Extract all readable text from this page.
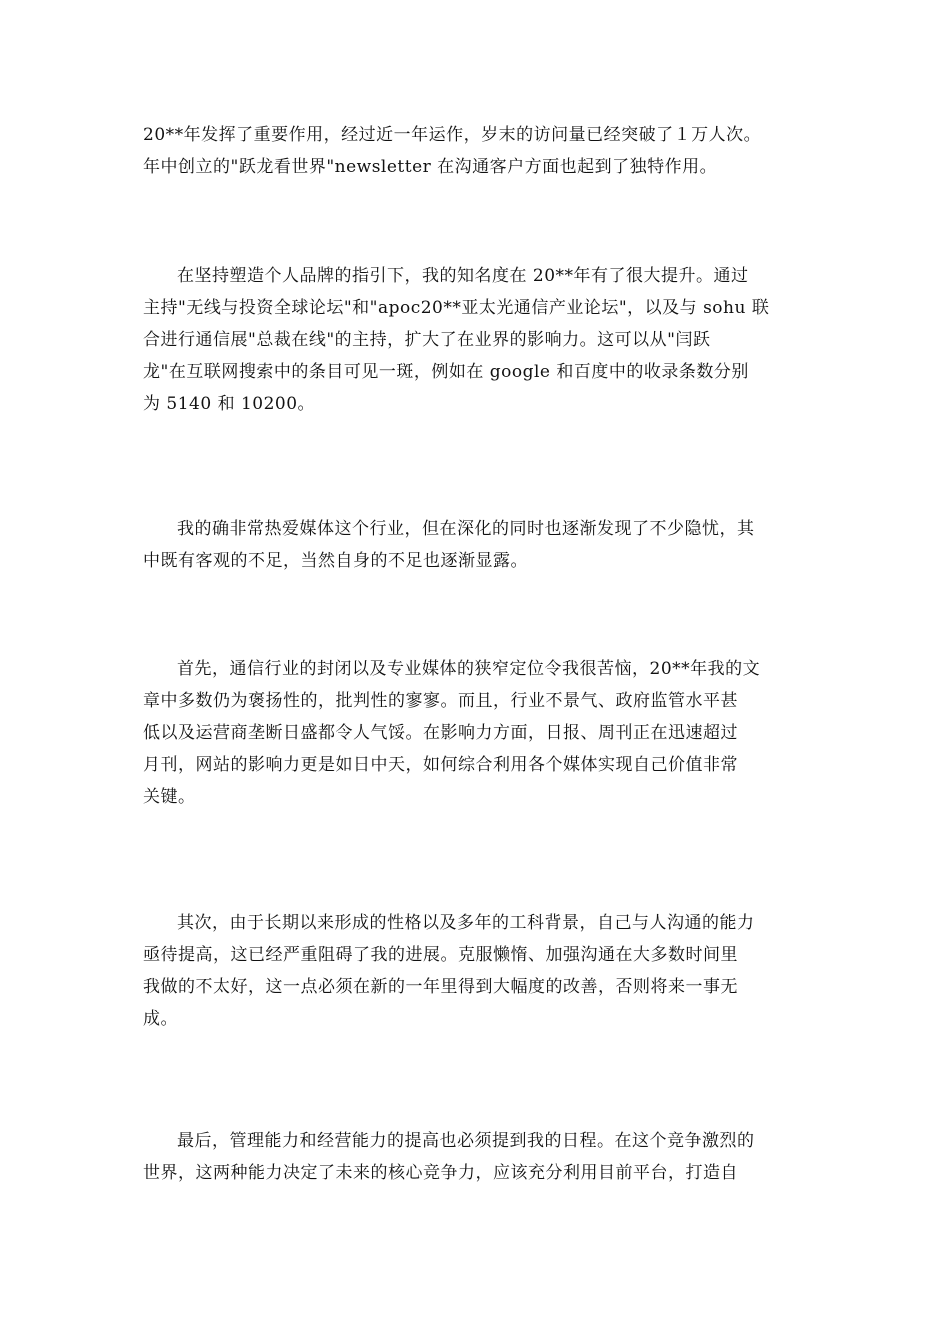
20**年发挥了重要作用，经过近一年运作，岁末的访问量已经突破了１万人次。
年中创立的"跃龙看世界"newsletter 在沟通客户方面也起到了独特作用。

在坚持塑造个人品牌的指引下，我的知名度在 20**年有了很大提升。通过
主持"无线与投资全球论坛"和"apoc20**亚太光通信产业论坛"，以及与 sohu 联
合进行通信展"总裁在线"的主持，扩大了在业界的影响力。这可以从"闫跃
龙"在互联网搜索中的条目可见一斑，例如在 google 和百度中的收录条数分别
为 5140 和 10200。

我的确非常热爱媒体这个行业，但在深化的同时也逐渐发现了不少隐忧，其
中既有客观的不足，当然自身的不足也逐渐显露。

首先，通信行业的封闭以及专业媒体的狭窄定位令我很苦恼，20**年我的文
章中多数仍为褒扬性的，批判性的寥寥。而且，行业不景气、政府监管水平甚
低以及运营商垄断日盛都令人气馁。在影响力方面，日报、周刊正在迅速超过
月刊，网站的影响力更是如日中天，如何综合利用各个媒体实现自己价值非常
关键。

其次，由于长期以来形成的性格以及多年的工科背景，自己与人沟通的能力
亟待提高，这已经严重阻碍了我的进展。克服懒惰、加强沟通在大多数时间里
我做的不太好，这一点必须在新的一年里得到大幅度的改善，否则将来一事无
成。

最后，管理能力和经营能力的提高也必须提到我的日程。在这个竞争激烈的
世界，这两种能力决定了未来的核心竞争力，应该充分利用目前平台，打造自
